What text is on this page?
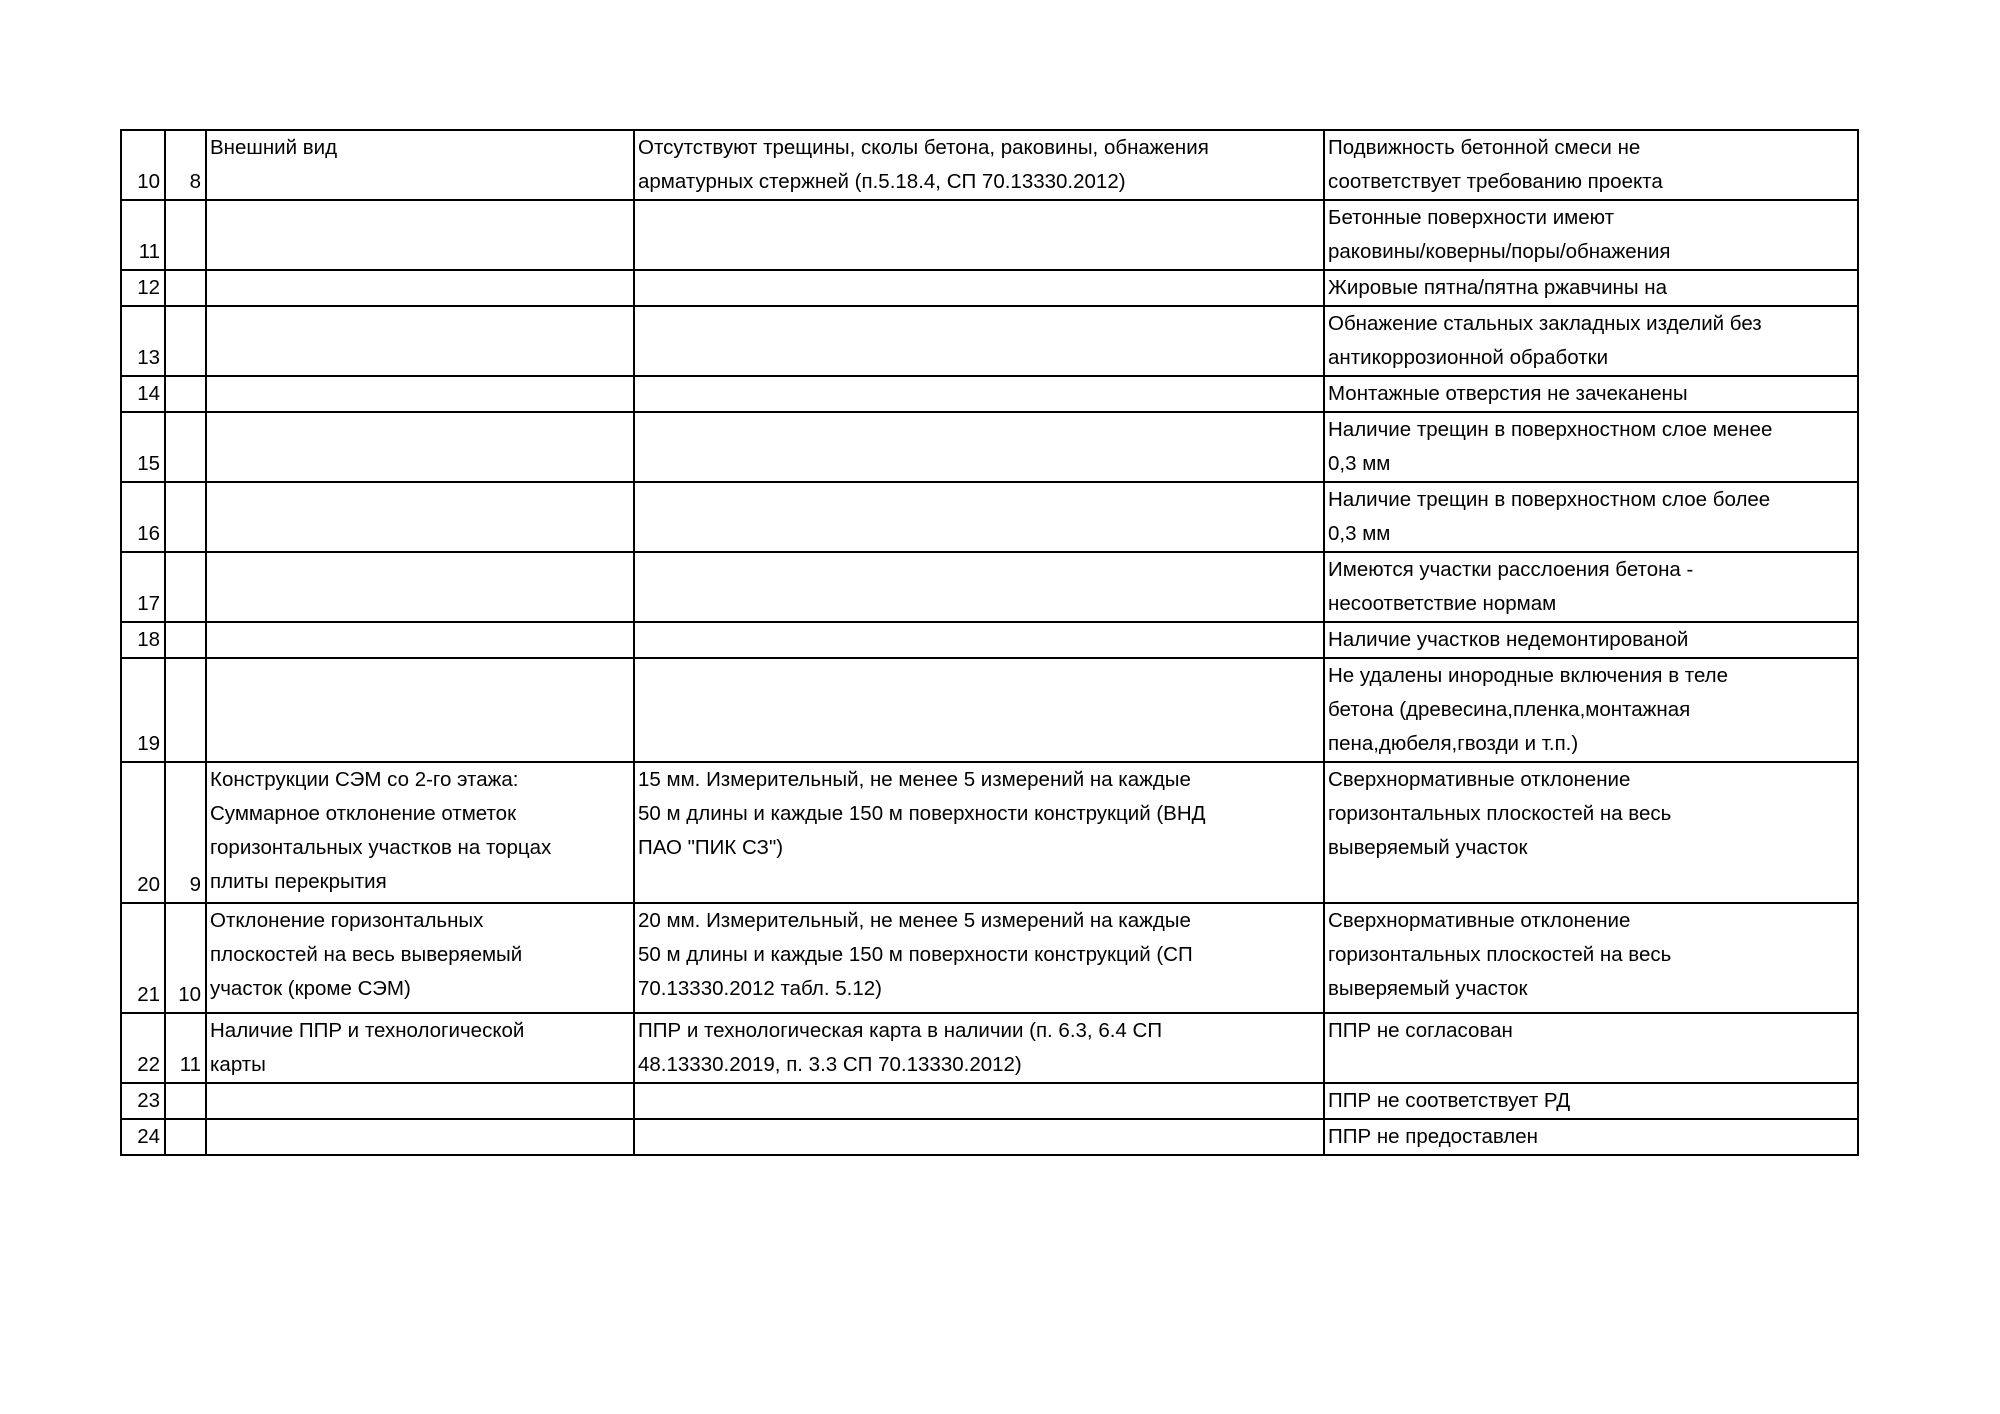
10	8	Внешний вид	Отсутствуют трещины, сколы бетона, раковины, обнажения
арматурных стержней (п.5.18.4, СП 70.13330.2012)	Подвижность бетонной смеси не
соответствует требованию проекта

11				Бетонные поверхности имеют
раковины/коверны/поры/обнажения

12				Жировые пятна/пятна ржавчины на

13				Обнажение стальных закладных изделий без
антикоррозионной обработки

14				Монтажные отверстия не зачеканены

15				Наличие трещин в поверхностном слое менее
0,3 мм

16				Наличие трещин в поверхностном слое более
0,3 мм

17				Имеются участки расслоения бетона -
несоответствие нормам

18				Наличие участков недемонтированой

19				Не удалены инородные включения в теле
бетона (древесина,пленка,монтажная
пена,дюбеля,гвозди и т.п.)

20	9	Конструкции СЭМ со 2-го этажа:
Суммарное отклонение отметок
горизонтальных участков на торцах
плиты перекрытия	15 мм. Измерительный, не менее 5 измерений на каждые
50 м длины и каждые 150 м поверхности конструкций (ВНД
ПАО "ПИК СЗ")	Сверхнормативные отклонение
горизонтальных плоскостей на весь
выверяемый участок

21	10	Отклонение горизонтальных
плоскостей на весь выверяемый
участок (кроме СЭМ)	20 мм. Измерительный, не менее 5 измерений на каждые
50 м длины и каждые 150 м поверхности конструкций (СП
70.13330.2012 табл. 5.12)	Сверхнормативные отклонение
горизонтальных плоскостей на весь
выверяемый участок

22	11	Наличие ППР и технологической
карты	ППР и технологическая карта в наличии (п. 6.3, 6.4 СП
48.13330.2019, п. 3.3 СП 70.13330.2012)	ППР не согласован

23				ППР не соответствует РД

24				ППР не предоставлен
